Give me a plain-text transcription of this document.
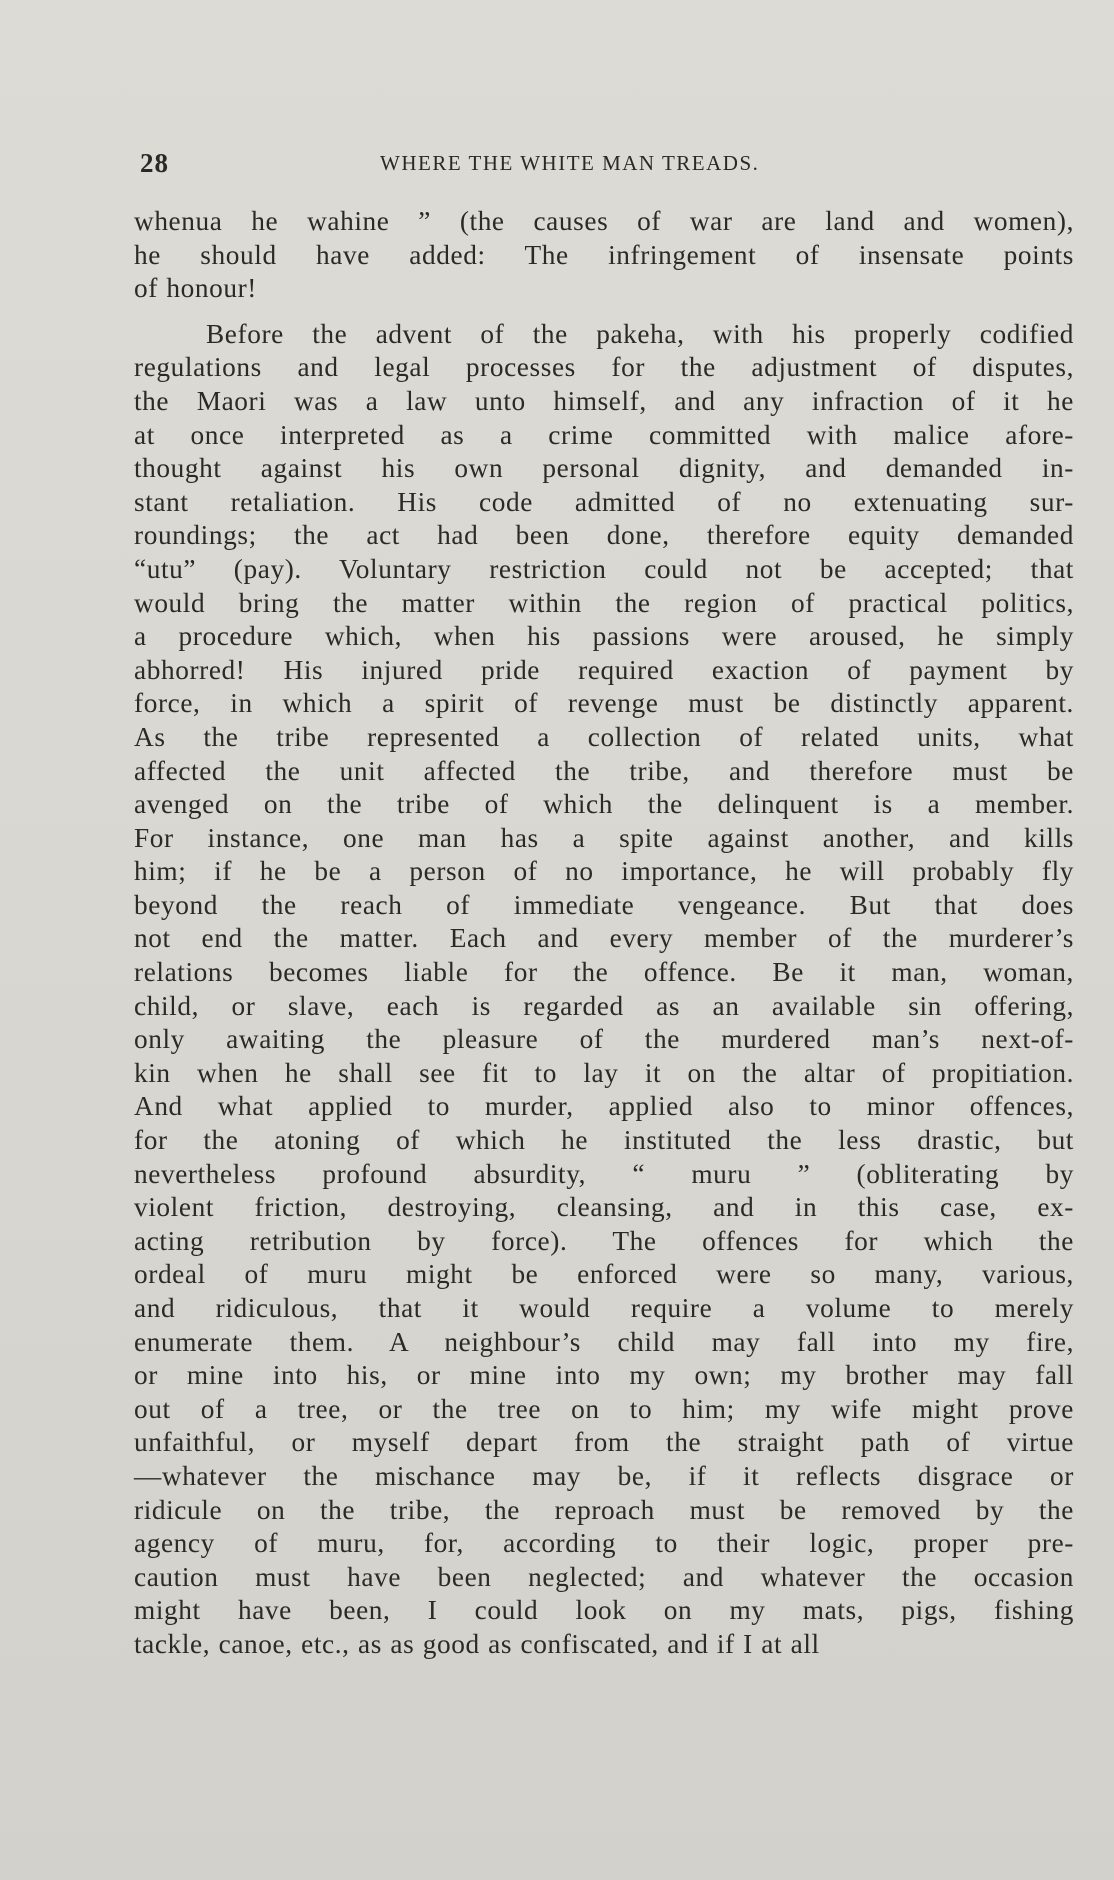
28	WHERE THE WHITE MAN TREADS.
whenua he wahine ” (the causes of war are land and women),
he should have added: The infringement of insensate points
of honour!
Before the advent of the pakeha, with his properly codified
regulations and legal processes for the adjustment of disputes,
the Maori was a law unto himself, and any infraction of it he
at once interpreted as a crime committed with malice afore-
thought against his own personal dignity, and demanded in-
stant retaliation. His code admitted of no extenuating sur-
roundings; the act had been done, therefore equity demanded
“utu” (pay). Voluntary restriction could not be accepted; that
would bring the matter within the region of practical politics,
a procedure which, when his passions were aroused, he simply
abhorred! His injured pride required exaction of payment by
force, in which a spirit of revenge must be distinctly apparent.
As the tribe represented a collection of related units, what
affected the unit affected the tribe, and therefore must be
avenged on the tribe of which the delinquent is a member.
For instance, one man has a spite against another, and kills
him; if he be a person of no importance, he will probably fly
beyond the reach of immediate vengeance. But that does
not end the matter. Each and every member of the murderer’s
relations becomes liable for the offence. Be it man, woman,
child, or slave, each is regarded as an available sin offering,
only awaiting the pleasure of the murdered man’s next-of-
kin when he shall see fit to lay it on the altar of propitiation.
And what applied to murder, applied also to minor offences,
for the atoning of which he instituted the less drastic, but
nevertheless profound absurdity, “ muru ” (obliterating by
violent friction, destroying, cleansing, and in this case, ex-
acting retribution by force). The offences for which the
ordeal of muru might be enforced were so many, various,
and ridiculous, that it would require a volume to merely
enumerate them. A neighbour’s child may fall into my fire,
or mine into his, or mine into my own; my brother may fall
out of a tree, or the tree on to him; my wife might prove
unfaithful, or myself depart from the straight path of virtue
—whatever the mischance may be, if it reflects disgrace or
ridicule on the tribe, the reproach must be removed by the
agency of muru, for, according to their logic, proper pre-
caution must have been neglected; and whatever the occasion
might have been, I could look on my mats, pigs, fishing
tackle, canoe, etc., as as good as confiscated, and if I at all
